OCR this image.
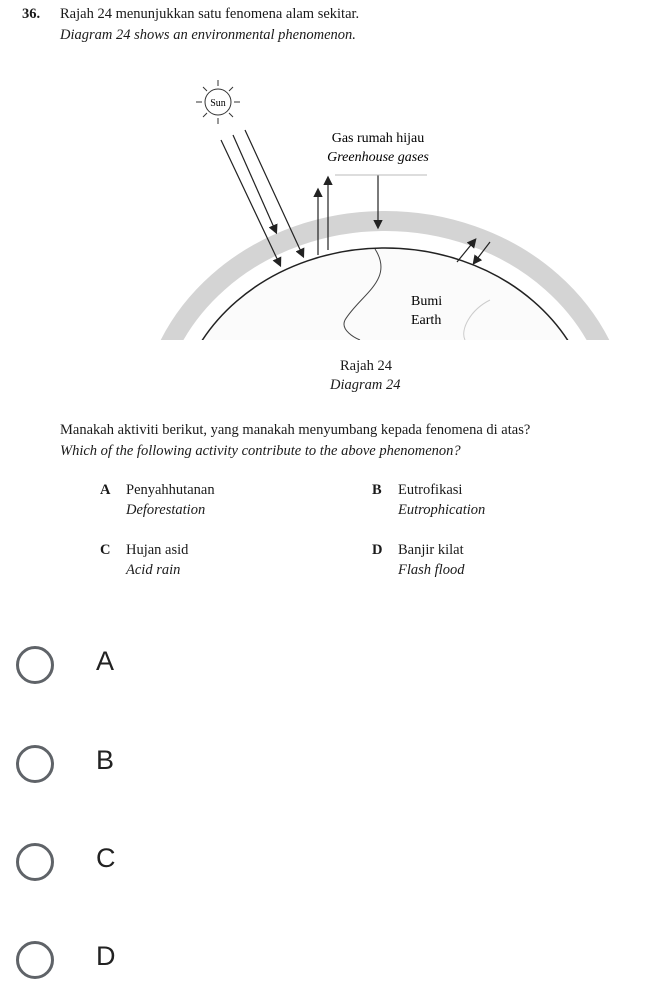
36. Rajah 24 menunjukkan satu fenomena alam sekitar.
Diagram 24 shows an environmental phenomenon.
Sun
Gas rumah hijau
Greenhouse gases
Bumi
Earth
Rajah 24
Diagram 24
Manakah aktiviti berikut, yang manakah menyumbang kepada fenomena di atas?
Which of the following activity contribute to the above phenomenon?
A Penyahhutanan
Deforestation
B Eutrofikasi
Eutrophication
C Hujan asid
Acid rain
D Banjir kilat
Flash flood
A
B
C
D
